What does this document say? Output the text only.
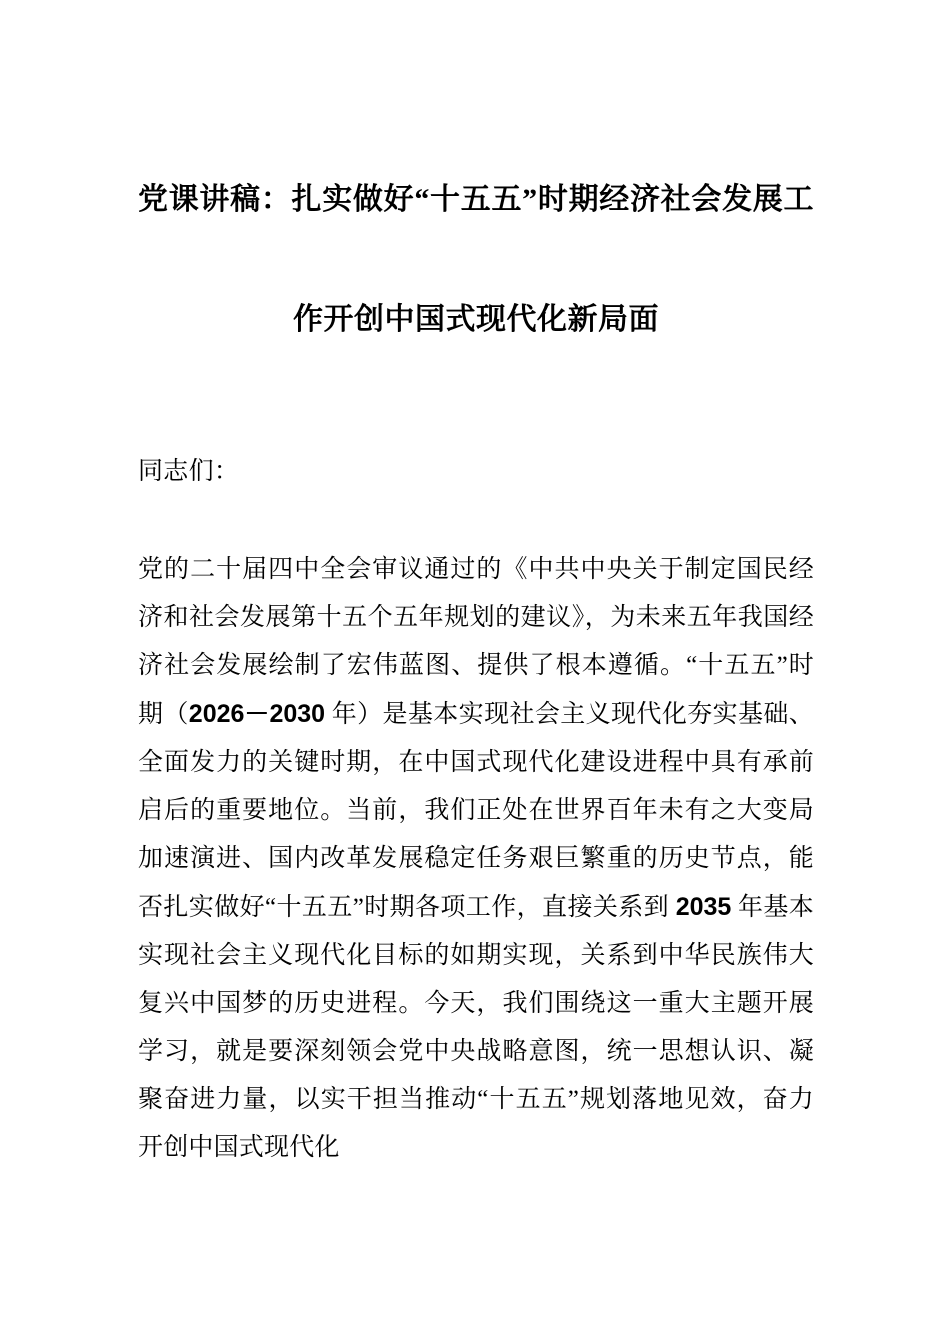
党课讲稿：扎实做好“十五五”时期经济社会发展工
作开创中国式现代化新局面

同志们：

党的二十届四中全会审议通过的《中共中央关于制定国民经济和社会发展第十五个五年规划的建议》，为未来五年我国经济社会发展绘制了宏伟蓝图、提供了根本遵循。“十五五”时期（2026－2030 年）是基本实现社会主义现代化夯实基础、全面发力的关键时期，在中国式现代化建设进程中具有承前启后的重要地位。当前，我们正处在世界百年未有之大变局加速演进、国内改革发展稳定任务艰巨繁重的历史节点，能否扎实做好“十五五”时期各项工作，直接关系到 2035 年基本实现社会主义现代化目标的如期实现，关系到中华民族伟大复兴中国梦的历史进程。今天，我们围绕这一重大主题开展学习，就是要深刻领会党中央战略意图，统一思想认识、凝聚奋进力量，以实干担当推动“十五五”规划落地见效，奋力开创中国式现代化
